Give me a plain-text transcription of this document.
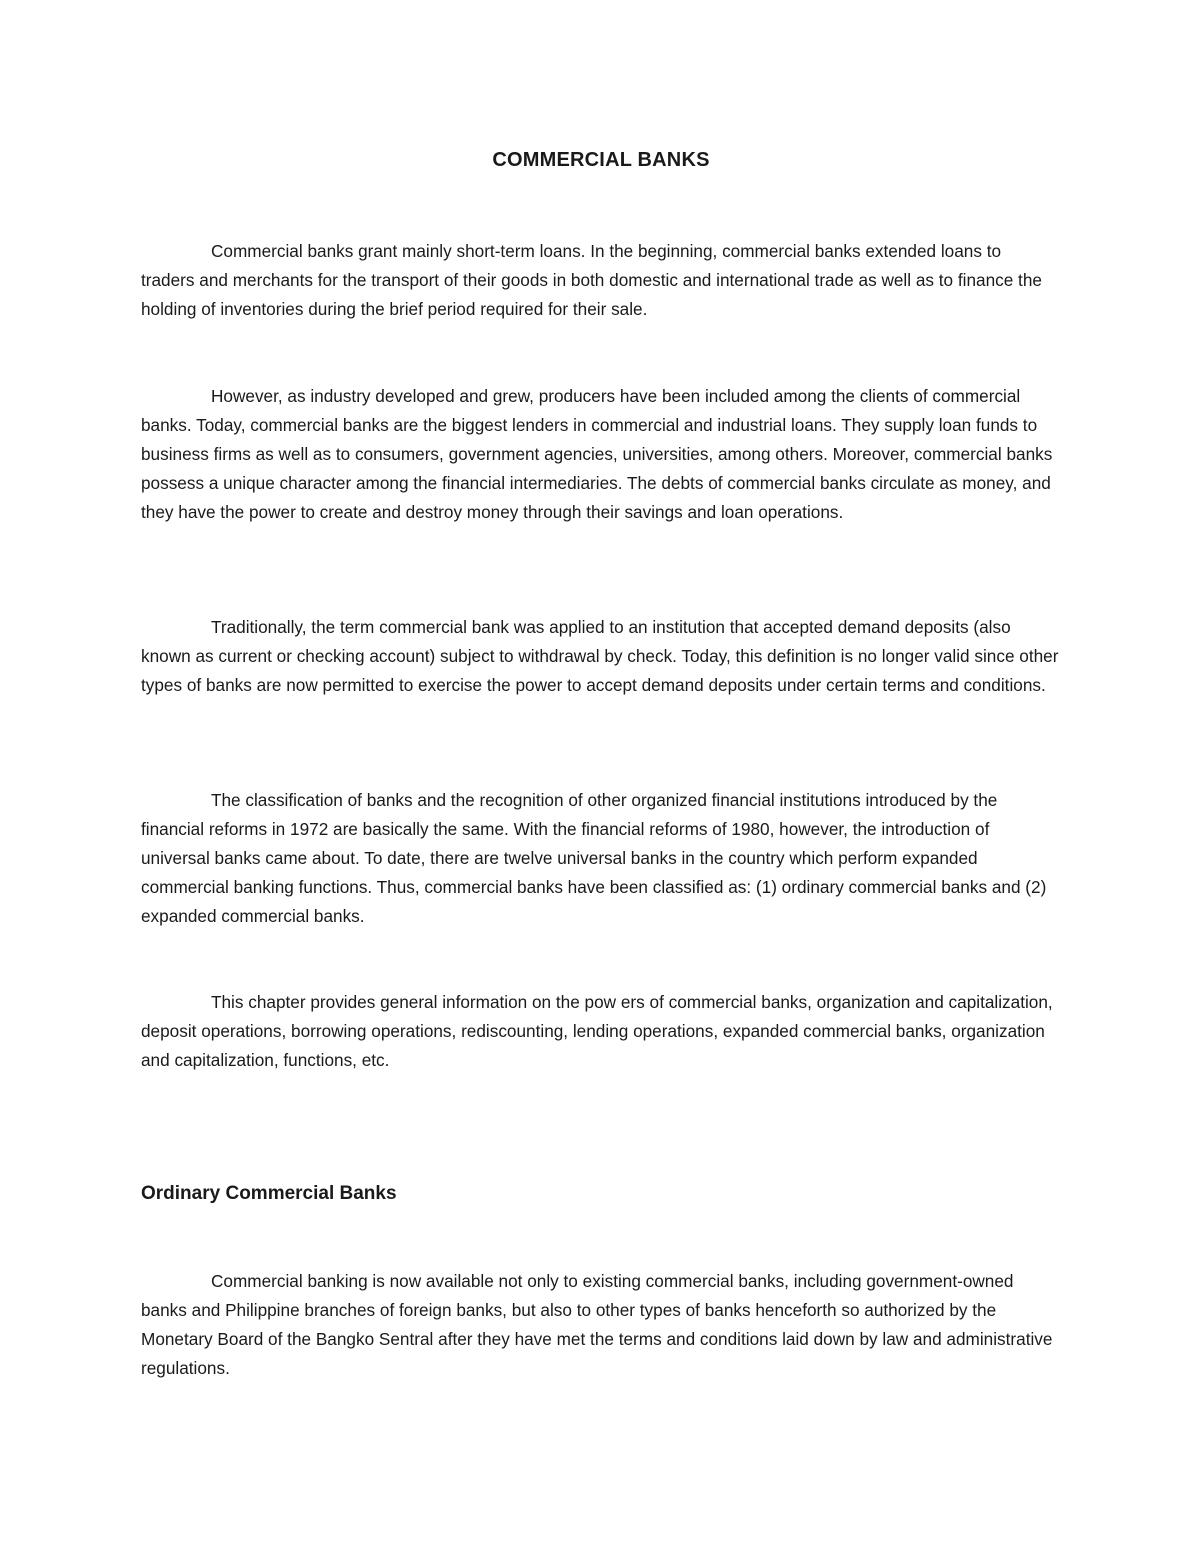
COMMERCIAL BANKS

Commercial banks grant mainly short-term loans. In the beginning, commercial banks extended loans to traders and merchants for the transport of their goods in both domestic and international trade as well as to finance the holding of inventories during the brief period required for their sale.

However, as industry developed and grew, producers have been included among the clients of commercial banks. Today, commercial banks are the biggest lenders in commercial and industrial loans. They supply loan funds to business firms as well as to consumers, government agencies, universities, among others. Moreover, commercial banks possess a unique character among the financial intermediaries. The debts of commercial banks circulate as money, and they have the power to create and destroy money through their savings and loan operations.

Traditionally, the term commercial bank was applied to an institution that accepted demand deposits (also known as current or checking account) subject to withdrawal by check. Today, this definition is no longer valid since other types of banks are now permitted to exercise the power to accept demand deposits under certain terms and conditions.

The classification of banks and the recognition of other organized financial institutions introduced by the financial reforms in 1972 are basically the same. With the financial reforms of 1980, however, the introduction of universal banks came about. To date, there are twelve universal banks in the country which perform expanded commercial banking functions. Thus, commercial banks have been classified as: (1) ordinary commercial banks and (2) expanded commercial banks.

This chapter provides general information on the pow ers of commercial banks, organization and capitalization, deposit operations, borrowing operations, rediscounting, lending operations, expanded commercial banks, organization and capitalization, functions, etc.

Ordinary Commercial Banks

Commercial banking is now available not only to existing commercial banks, including government-owned banks and Philippine branches of foreign banks, but also to other types of banks henceforth so authorized by the Monetary Board of the Bangko Sentral after they have met the terms and conditions laid down by law and administrative regulations.
